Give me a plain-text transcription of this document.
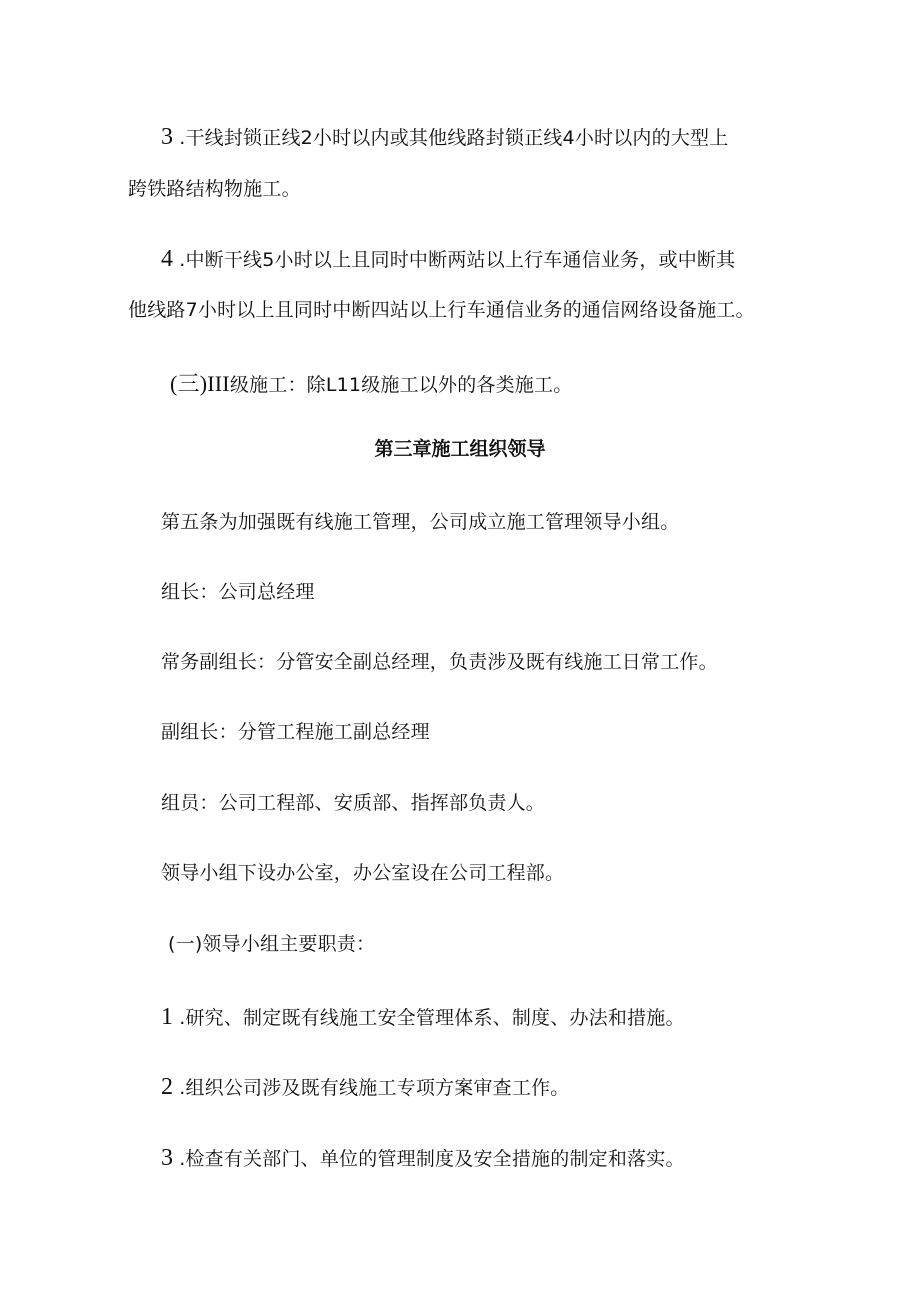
3 .干线封锁正线2小时以内或其他线路封锁正线4小时以内的大型上

跨铁路结构物施工。

4 .中断干线5小时以上且同时中断两站以上行车通信业务，或中断其

他线路7小时以上且同时中断四站以上行车通信业务的通信网络设备施工。

(三)III级施工：除L11级施工以外的各类施工。

第三章施工组织领导

第五条为加强既有线施工管理，公司成立施工管理领导小组。

组长：公司总经理

常务副组长：分管安全副总经理，负责涉及既有线施工日常工作。

副组长：分管工程施工副总经理

组员：公司工程部、安质部、指挥部负责人。

领导小组下设办公室，办公室设在公司工程部。

(一)领导小组主要职责：

1 .研究、制定既有线施工安全管理体系、制度、办法和措施。

2 .组织公司涉及既有线施工专项方案审查工作。

3 .检查有关部门、单位的管理制度及安全措施的制定和落实。
